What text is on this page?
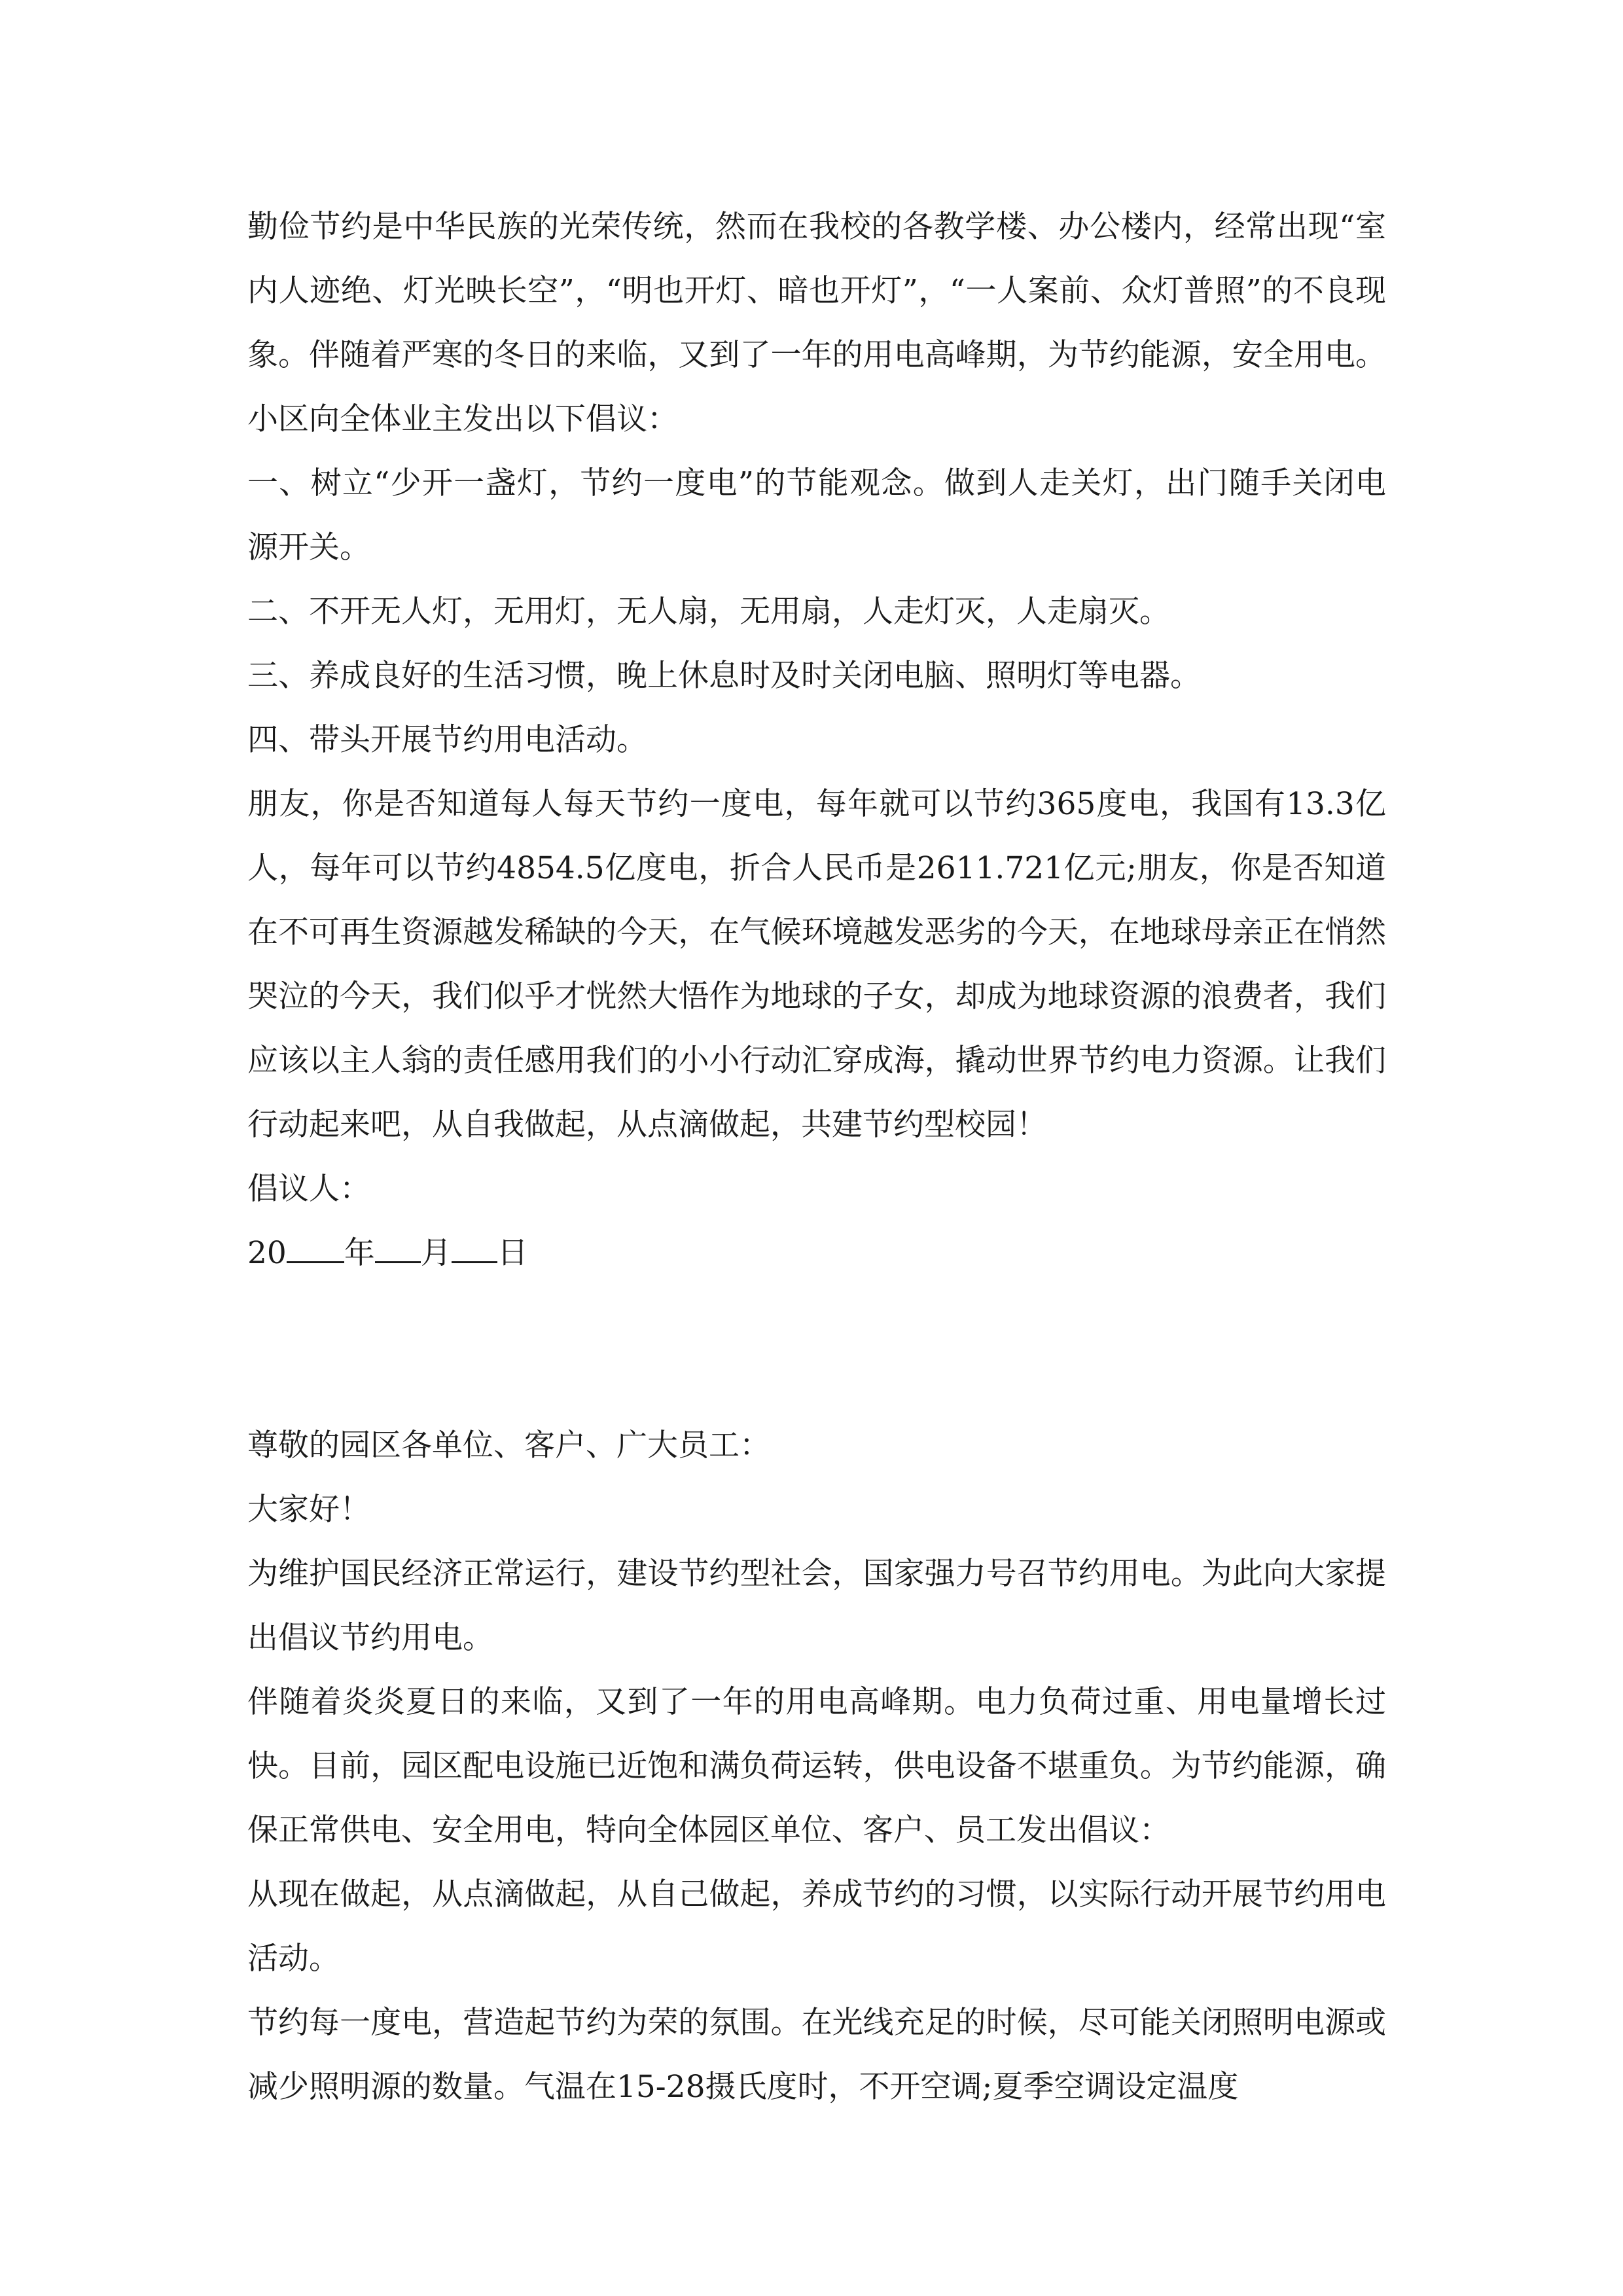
勤俭节约是中华民族的光荣传统，然而在我校的各教学楼、办公楼内，经常出现“室内人迹绝、灯光映长空”，“明也开灯、暗也开灯”，“一人案前、众灯普照”的不良现象。伴随着严寒的冬日的来临，又到了一年的用电高峰期，为节约能源，安全用电。小区向全体业主发出以下倡议：

一、树立“少开一盏灯，节约一度电”的节能观念。做到人走关灯，出门随手关闭电源开关。

二、不开无人灯，无用灯，无人扇，无用扇，人走灯灭，人走扇灭。

三、养成良好的生活习惯，晚上休息时及时关闭电脑、照明灯等电器。

四、带头开展节约用电活动。

朋友，你是否知道每人每天节约一度电，每年就可以节约365度电，我国有13.3亿人，每年可以节约4854.5亿度电，折合人民币是2611.721亿元;朋友，你是否知道在不可再生资源越发稀缺的今天，在气候环境越发恶劣的今天，在地球母亲正在悄然哭泣的今天，我们似乎才恍然大悟作为地球的子女，却成为地球资源的浪费者，我们应该以主人翁的责任感用我们的小小行动汇穿成海，撬动世界节约电力资源。让我们行动起来吧，从自我做起，从点滴做起，共建节约型校园！

倡议人：

20 年 月 日

尊敬的园区各单位、客户、广大员工：

大家好！

为维护国民经济正常运行，建设节约型社会，国家强力号召节约用电。为此向大家提出倡议节约用电。

伴随着炎炎夏日的来临，又到了一年的用电高峰期。电力负荷过重、用电量增长过快。目前，园区配电设施已近饱和满负荷运转，供电设备不堪重负。为节约能源，确保正常供电、安全用电，特向全体园区单位、客户、员工发出倡议：

从现在做起，从点滴做起，从自己做起，养成节约的习惯，以实际行动开展节约用电活动。

节约每一度电，营造起节约为荣的氛围。在光线充足的时候，尽可能关闭照明电源或减少照明源的数量。气温在15-28摄氏度时，不开空调;夏季空调设定温度
